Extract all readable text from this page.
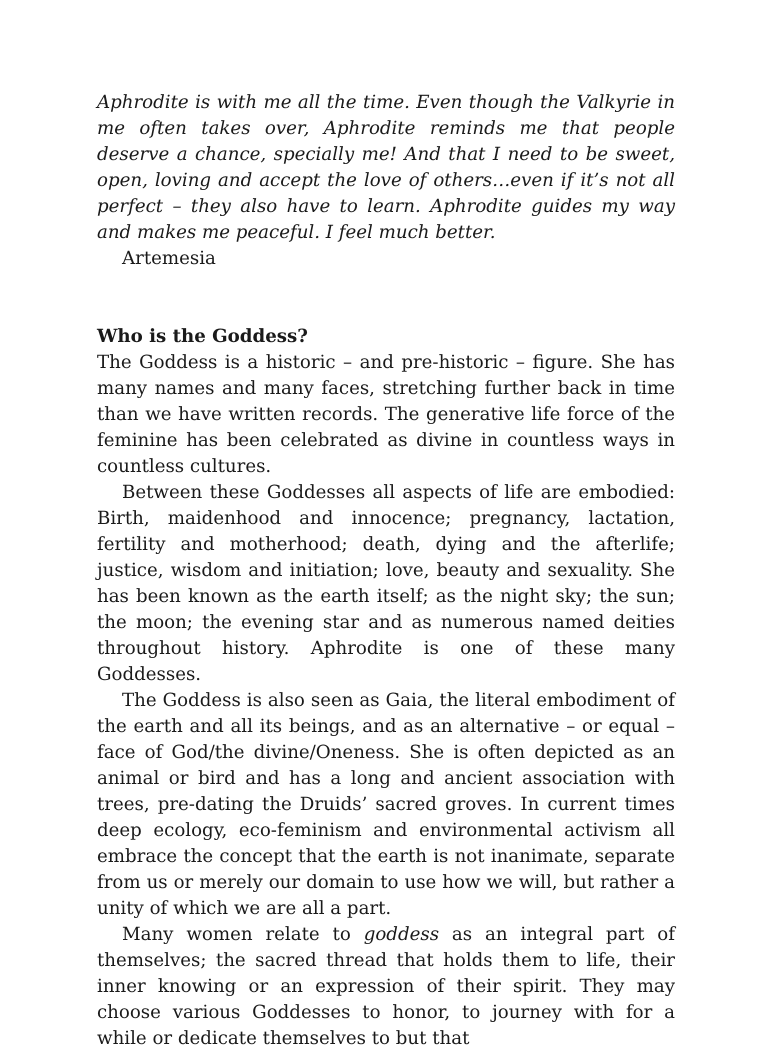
Aphrodite is with me all the time. Even though the Valkyrie in me often takes over, Aphrodite reminds me that people deserve a chance, specially me! And that I need to be sweet, open, loving and accept the love of others…even if it’s not all perfect – they also have to learn. Aphrodite guides my way and makes me peaceful. I feel much better.

Artemesia

Who is the Goddess?

The Goddess is a historic – and pre-historic – figure. She has many names and many faces, stretching further back in time than we have written records. The generative life force of the feminine has been celebrated as divine in countless ways in countless cultures.

Between these Goddesses all aspects of life are embodied: Birth, maidenhood and innocence; pregnancy, lactation, fertility and motherhood; death, dying and the afterlife; justice, wisdom and initiation; love, beauty and sexuality. She has been known as the earth itself; as the night sky; the sun; the moon; the evening star and as numerous named deities throughout history. Aphrodite is one of these many Goddesses.

The Goddess is also seen as Gaia, the literal embodiment of the earth and all its beings, and as an alternative – or equal – face of God/the divine/Oneness. She is often depicted as an animal or bird and has a long and ancient association with trees, pre-dating the Druids’ sacred groves. In current times deep ecology, eco-feminism and environmental activism all embrace the concept that the earth is not inanimate, separate from us or merely our domain to use how we will, but rather a unity of which we are all a part.

Many women relate to goddess as an integral part of themselves; the sacred thread that holds them to life, their inner knowing or an expression of their spirit. They may choose various Goddesses to honor, to journey with for a while or dedicate themselves to but that
